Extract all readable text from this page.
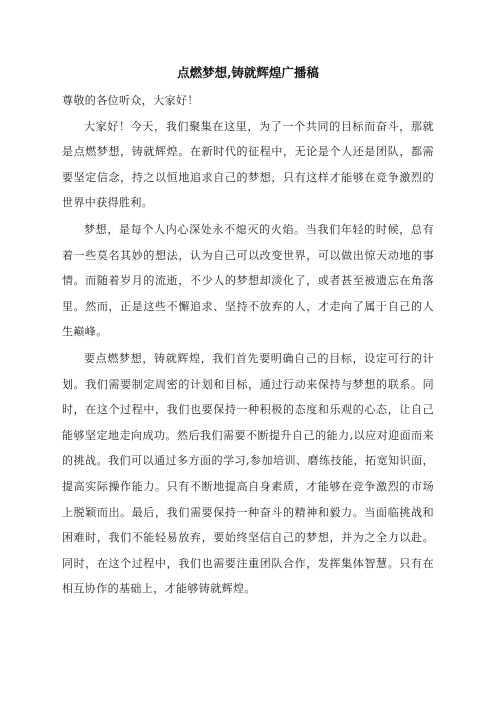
点燃梦想,铸就辉煌广播稿

尊敬的各位听众，大家好！

大家好！今天，我们聚集在这里，为了一个共同的目标而奋斗，那就是点燃梦想，铸就辉煌。在新时代的征程中，无论是个人还是团队，都需要坚定信念，持之以恒地追求自己的梦想，只有这样才能够在竞争激烈的世界中获得胜利。

梦想，是每个人内心深处永不熄灭的火焰。当我们年轻的时候，总有着一些莫名其妙的想法，认为自己可以改变世界，可以做出惊天动地的事情。而随着岁月的流逝，不少人的梦想却淡化了，或者甚至被遗忘在角落里。然而，正是这些不懈追求、坚持不放弃的人，才走向了属于自己的人生巅峰。

要点燃梦想，铸就辉煌，我们首先要明确自己的目标，设定可行的计划。我们需要制定周密的计划和目标，通过行动来保持与梦想的联系。同时，在这个过程中，我们也要保持一种积极的态度和乐观的心态，让自己能够坚定地走向成功。然后我们需要不断提升自己的能力,以应对迎面而来的挑战。我们可以通过多方面的学习,参加培训、磨练技能，拓宽知识面，提高实际操作能力。只有不断地提高自身素质，才能够在竞争激烈的市场上脱颖而出。最后，我们需要保持一种奋斗的精神和毅力。当面临挑战和困难时，我们不能轻易放弃，要始终坚信自己的梦想，并为之全力以赴。同时，在这个过程中，我们也需要注重团队合作，发挥集体智慧。只有在相互协作的基础上，才能够铸就辉煌。
